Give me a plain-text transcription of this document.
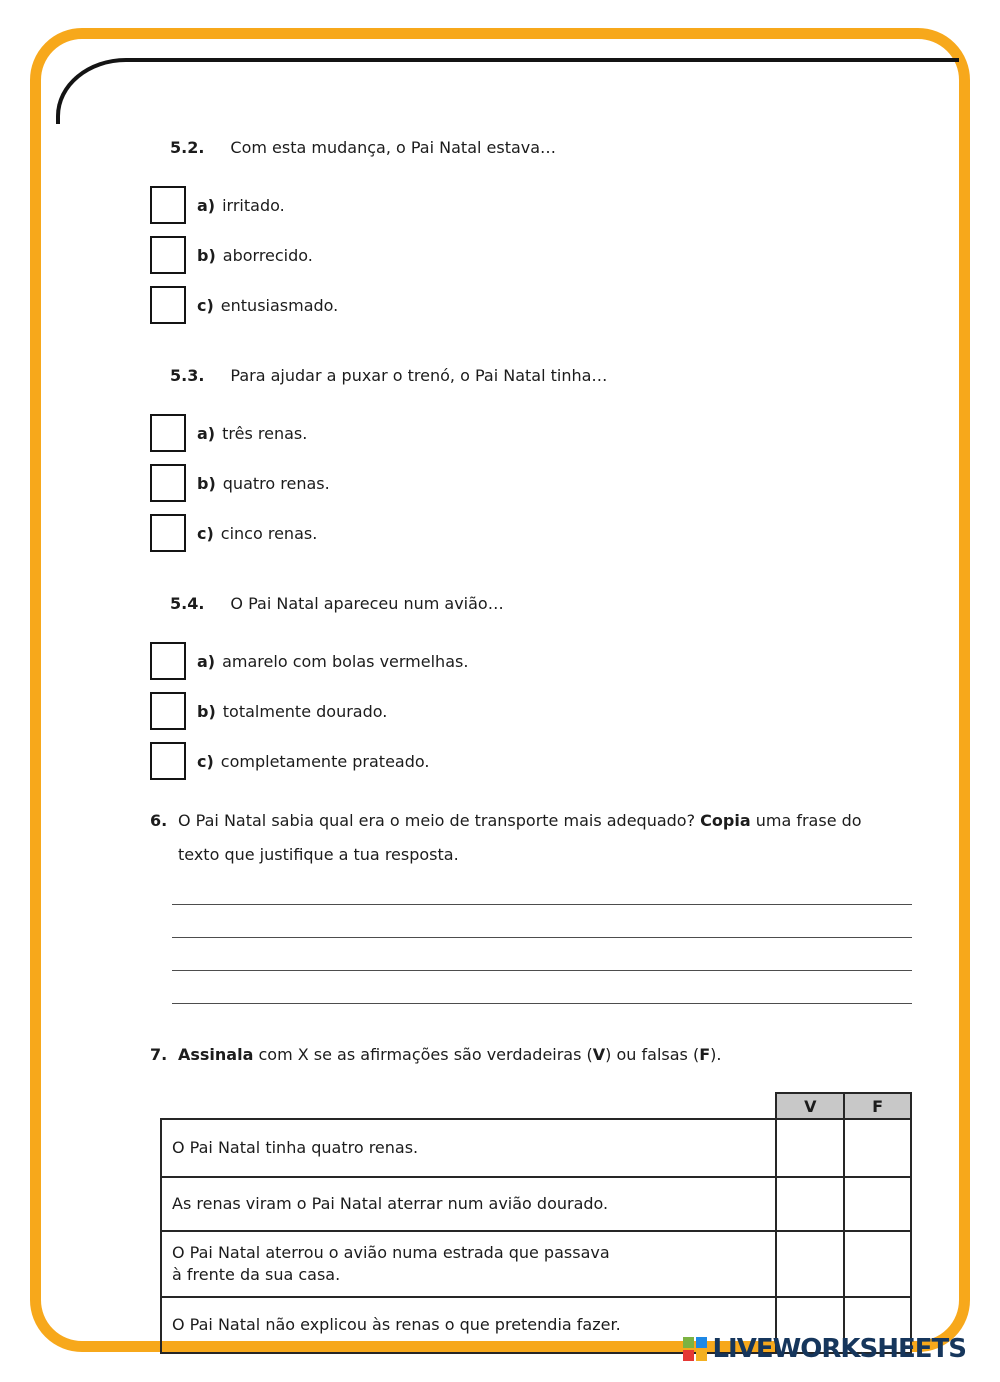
5.2. Com esta mudança, o Pai Natal estava…
a) irritado.
b) aborrecido.
c) entusiasmado.
5.3. Para ajudar a puxar o trenó, o Pai Natal tinha…
a) três renas.
b) quatro renas.
c) cinco renas.
5.4. O Pai Natal apareceu num avião…
a) amarelo com bolas vermelhas.
b) totalmente dourado.
c) completamente prateado.
6. O Pai Natal sabia qual era o meio de transporte mais adequado? Copia uma frase do texto que justifique a tua resposta.
7. Assinala com X se as afirmações são verdadeiras (V) ou falsas (F).
	V	F

O Pai Natal tinha quatro renas.		

As renas viram o Pai Natal aterrar num avião dourado.		

O Pai Natal aterrou o avião numa estrada que passava
à frente da sua casa.		

O Pai Natal não explicou às renas o que pretendia fazer.		

LIVEWORKSHEETS
